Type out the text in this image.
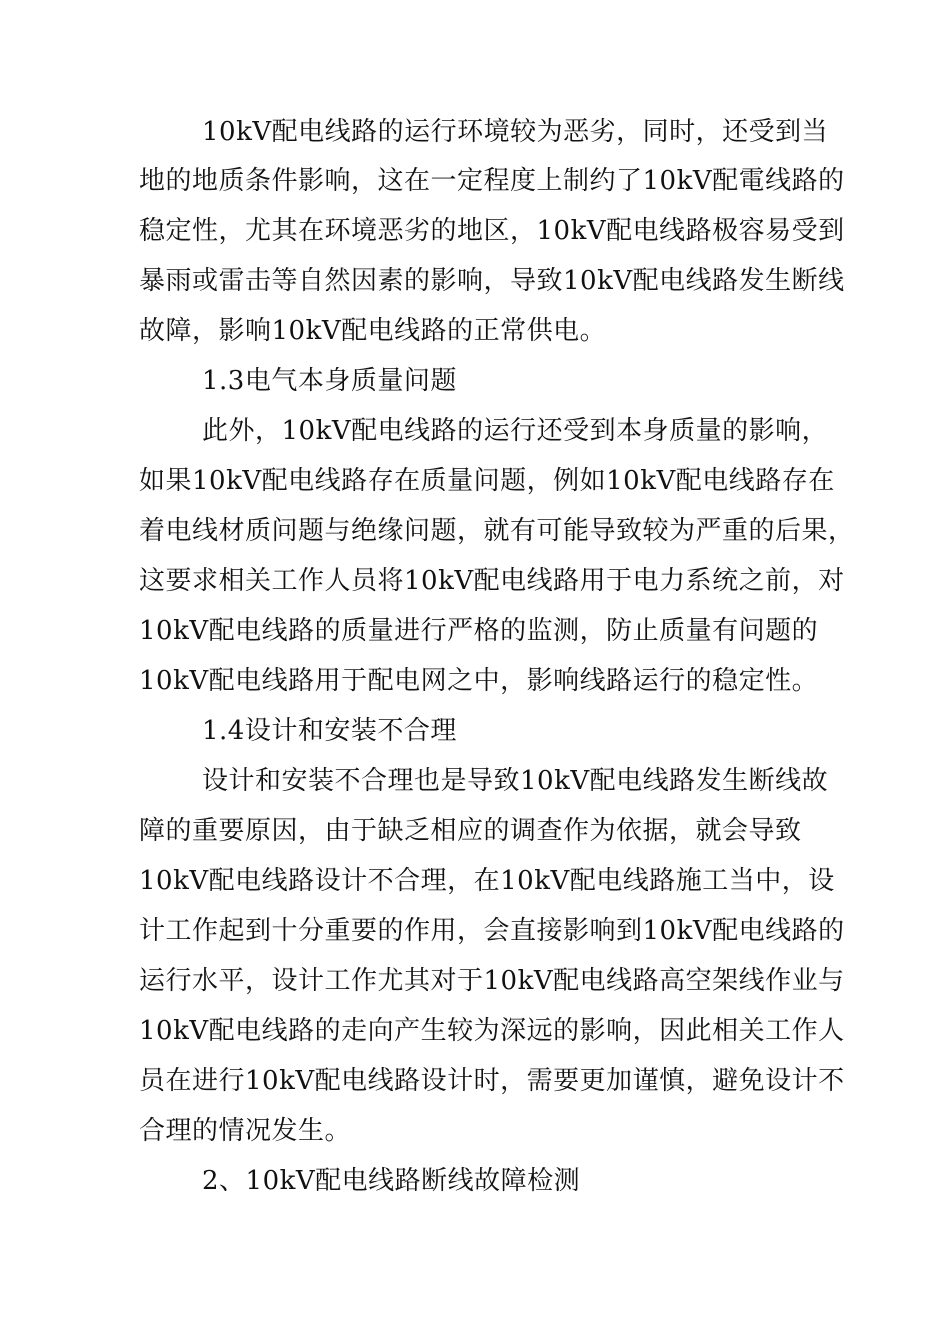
10kV配电线路的运行环境较为恶劣，同时，还受到当
地的地质条件影响，这在一定程度上制约了10kV配電线路的
稳定性，尤其在环境恶劣的地区，10kV配电线路极容易受到
暴雨或雷击等自然因素的影响，导致10kV配电线路发生断线
故障，影响10kV配电线路的正常供电。
1.3电气本身质量问题
此外，10kV配电线路的运行还受到本身质量的影响，
如果10kV配电线路存在质量问题，例如10kV配电线路存在
着电线材质问题与绝缘问题，就有可能导致较为严重的后果，
这要求相关工作人员将10kV配电线路用于电力系统之前，对
10kV配电线路的质量进行严格的监测，防止质量有问题的
10kV配电线路用于配电网之中，影响线路运行的稳定性。
1.4设计和安装不合理
设计和安装不合理也是导致10kV配电线路发生断线故
障的重要原因，由于缺乏相应的调查作为依据，就会导致
10kV配电线路设计不合理，在10kV配电线路施工当中，设
计工作起到十分重要的作用，会直接影响到10kV配电线路的
运行水平，设计工作尤其对于10kV配电线路高空架线作业与
10kV配电线路的走向产生较为深远的影响，因此相关工作人
员在进行10kV配电线路设计时，需要更加谨慎，避免设计不
合理的情况发生。
2、10kV配电线路断线故障检测
